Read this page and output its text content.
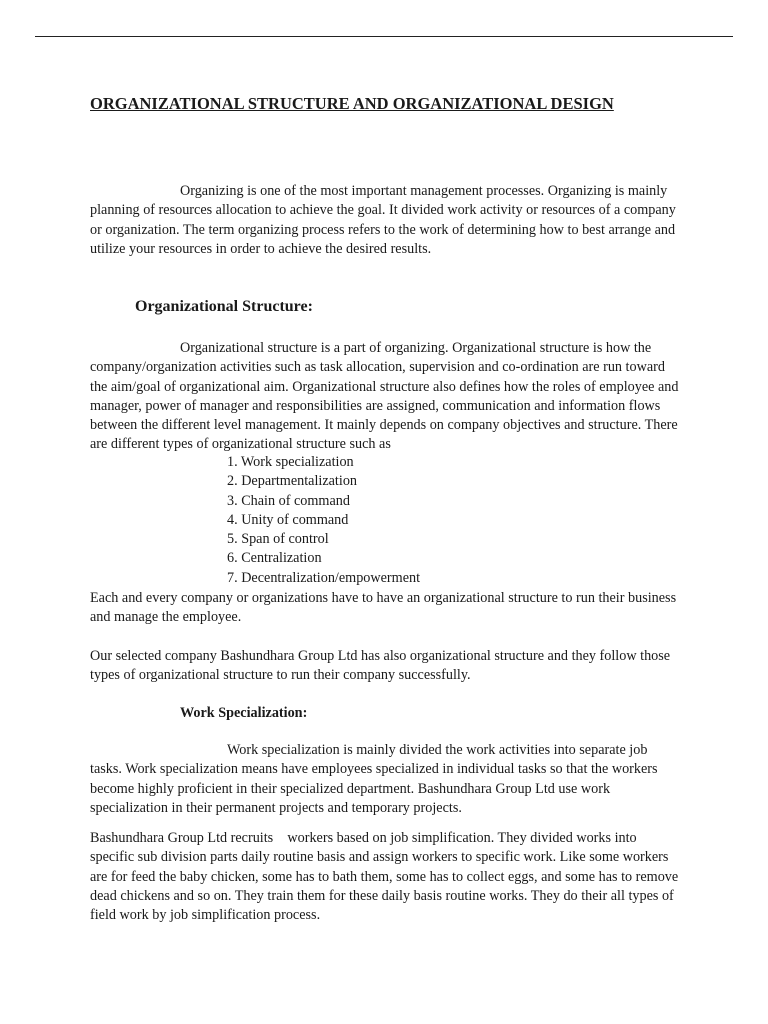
ORGANIZATIONAL STRUCTURE AND ORGANIZATIONAL DESIGN

Organizing is one of the most important management processes. Organizing is mainly planning of resources allocation to achieve the goal. It divided work activity or resources of a company or organization. The term organizing process refers to the work of determining how to best arrange and utilize your resources in order to achieve the desired results.

Organizational Structure:

Organizational structure is a part of organizing. Organizational structure is how the company/organization activities such as task allocation, supervision and co-ordination are run toward the aim/goal of organizational aim. Organizational structure also defines how the roles of employee and manager, power of manager and responsibilities are assigned, communication and information flows between the different level management. It mainly depends on company objectives and structure. There are different types of organizational structure such as

1. Work specialization
2. Departmentalization
3. Chain of command
4. Unity of command
5. Span of control
6. Centralization
7. Decentralization/empowerment

Each and every company or organizations have to have an organizational structure to run their business and manage the employee.

Our selected company Bashundhara Group Ltd has also organizational structure and they follow those types of organizational structure to run their company successfully.

Work Specialization:

Work specialization is mainly divided the work activities into separate job tasks. Work specialization means have employees specialized in individual tasks so that the workers become highly proficient in their specialized department. Bashundhara Group Ltd use work specialization in their permanent projects and temporary projects.

Bashundhara Group Ltd recruits    workers based on job simplification. They divided works into specific sub division parts daily routine basis and assign workers to specific work. Like some workers are for feed the baby chicken, some has to bath them, some has to collect eggs, and some has to remove dead chickens and so on. They train them for these daily basis routine works. They do their all types of field work by job simplification process.
